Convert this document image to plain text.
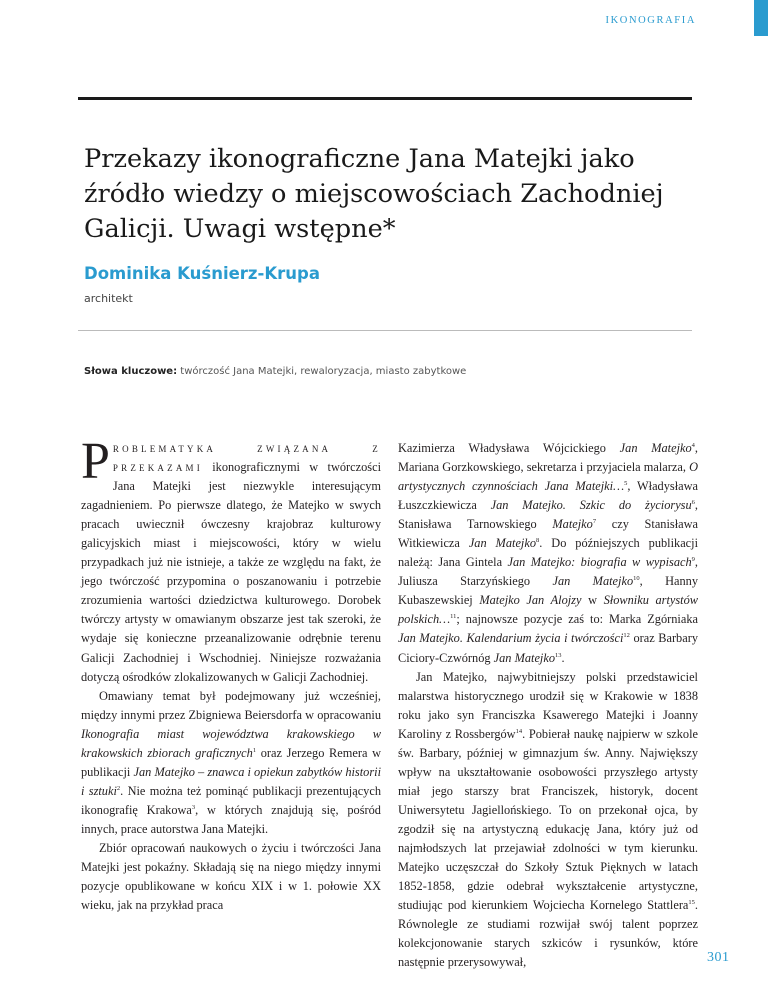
IKONOGRAFIA
Przekazy ikonograficzne Jana Matejki jako źródło wiedzy o miejscowościach Zachodniej Galicji. Uwagi wstępne*
Dominika Kuśnierz-Krupa
architekt
Słowa kluczowe: twórczość Jana Matejki, rewaloryzacja, miasto zabytkowe

Problematyka związana z przekazami ikonograficznymi w twórczości Jana Matejki jest niezwykle interesującym zagadnieniem. Po pierwsze dlatego, że Matejko w swych pracach uwiecznił ówczesny krajobraz kulturowy galicyjskich miast i miejscowości, który w wielu przypadkach już nie istnieje, a także ze względu na fakt, że jego twórczość przypomina o poszanowaniu i potrzebie zrozumienia wartości dziedzictwa kulturowego. Dorobek twórczy artysty w omawianym obszarze jest tak szeroki, że wydaje się konieczne przeanalizowanie odrębnie terenu Galicji Zachodniej i Wschodniej. Niniejsze rozważania dotyczą ośrodków zlokalizowanych w Galicji Zachodniej.

Omawiany temat był podejmowany już wcześniej, między innymi przez Zbigniewa Beiersdorfa w opracowaniu Ikonografia miast województwa krakowskiego w krakowskich zbiorach graficznych$^1$ oraz Jerzego Remera w publikacji Jan Matejko – znawca i opiekun zabytków historii i sztuki$^2$. Nie można też pominąć publikacji prezentujących ikonografię Krakowa$^3$, w których znajdują się, pośród innych, prace autorstwa Jana Matejki.

Zbiór opracowań naukowych o życiu i twórczości Jana Matejki jest pokaźny. Składają się na niego między innymi pozycje opublikowane w końcu XIX i w 1. połowie XX wieku, jak na przykład praca

Kazimierza Władysława Wójcickiego Jan Matejko$^4$, Mariana Gorzkowskiego, sekretarza i przyjaciela malarza, O artystycznych czynnościach Jana Matejki…$^5$, Władysława Łuszczkiewicza Jan Matejko. Szkic do życiorysu$^6$, Stanisława Tarnowskiego Matejko$^7$ czy Stanisława Witkiewicza Jan Matejko$^8$. Do późniejszych publikacji należą: Jana Gintela Jan Matejko: biografia w wypisach$^9$, Juliusza Starzyńskiego Jan Matejko$^{10}$, Hanny Kubaszewskiej Matejko Jan Alojzy w Słowniku artystów polskich…$^{11}$; najnowsze pozycje zaś to: Marka Zgórniaka Jan Matejko. Kalendarium życia i twórczości$^{12}$ oraz Barbary Ciciory-Czwórnóg Jan Matejko$^{13}$.

Jan Matejko, najwybitniejszy polski przedstawiciel malarstwa historycznego urodził się w Krakowie w 1838 roku jako syn Franciszka Ksawerego Matejki i Joanny Karoliny z Rossbergów$^{14}$. Pobierał naukę najpierw w szkole św. Barbary, później w gimnazjum św. Anny. Największy wpływ na ukształtowanie osobowości przyszłego artysty miał jego starszy brat Franciszek, historyk, docent Uniwersytetu Jagiellońskiego. To on przekonał ojca, by zgodził się na artystyczną edukację Jana, który już od najmłodszych lat przejawiał zdolności w tym kierunku. Matejko uczęszczał do Szkoły Sztuk Pięknych w latach 1852-1858, gdzie odebrał wykształcenie artystyczne, studiując pod kierunkiem Wojciecha Kornelego Stattlera$^{15}$. Równolegle ze studiami rozwijał swój talent poprzez kolekcjonowanie starych szkiców i rysunków, które następnie przerysowywał,	301
